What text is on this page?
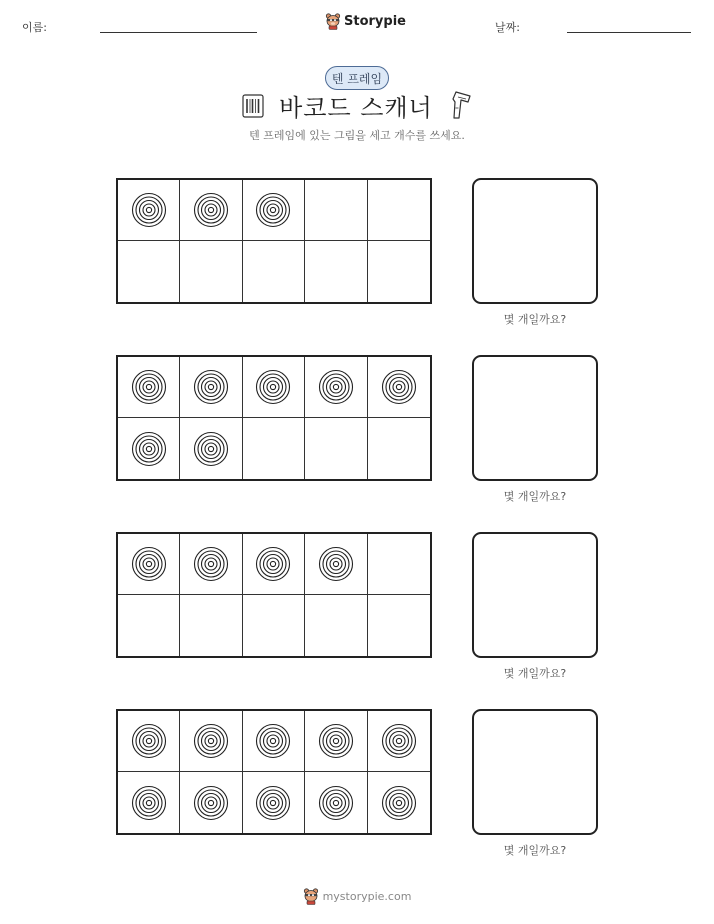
이름:	Storypie	날짜:
텐 프레임
바코드 스캐너
텐 프레임에 있는 그림을 세고 개수를 쓰세요.
몇 개일까요?
몇 개일까요?
몇 개일까요?
몇 개일까요?
mystorypie.com
